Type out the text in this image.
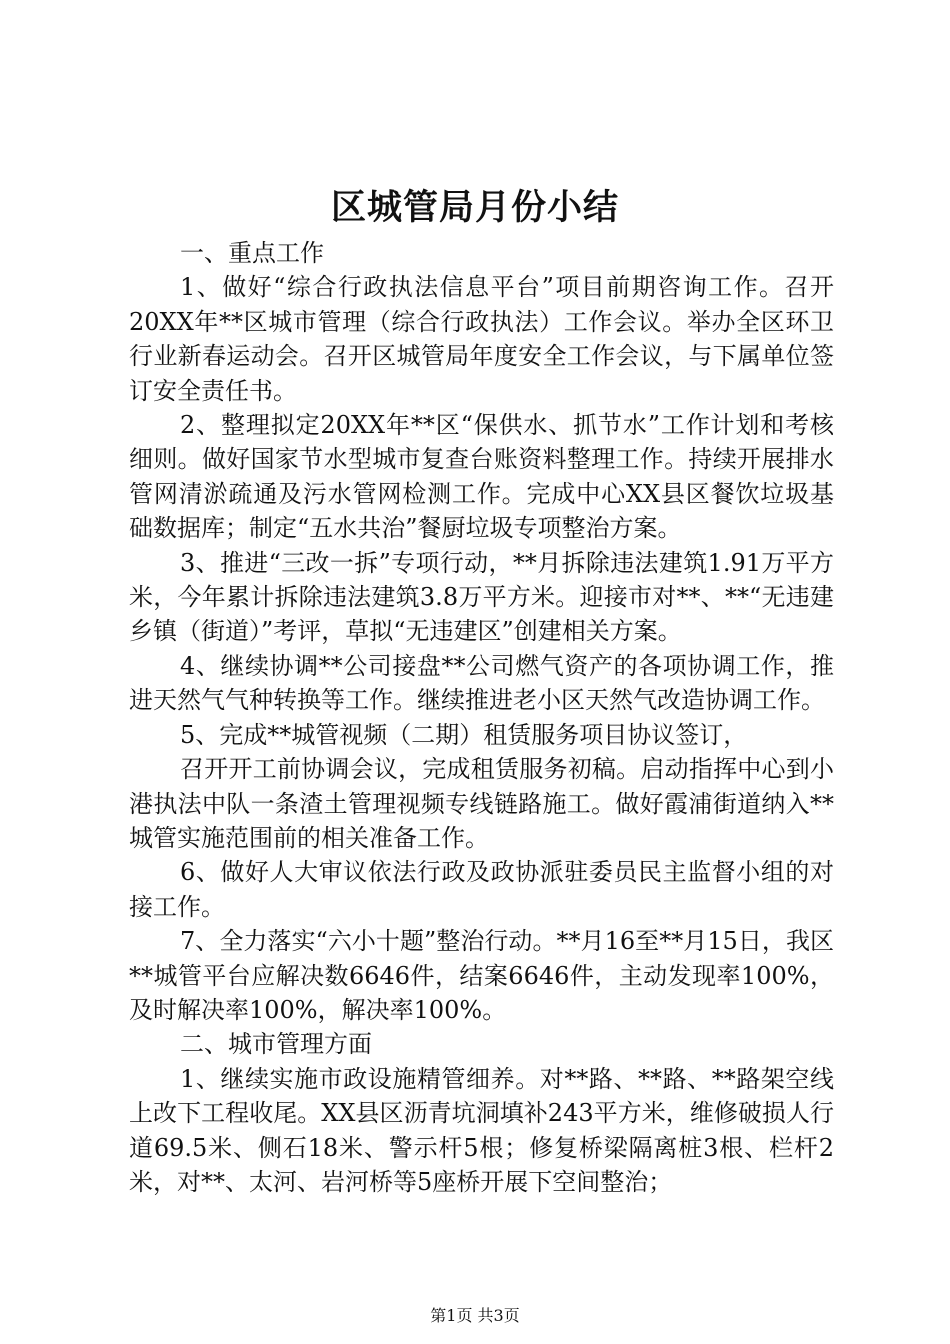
区城管局月份小结

一、重点工作

1、做好“综合行政执法信息平台”项目前期咨询工作。召开20XX年**区城市管理（综合行政执法）工作会议。举办全区环卫行业新春运动会。召开区城管局年度安全工作会议，与下属单位签订安全责任书。

2、整理拟定20XX年**区“保供水、抓节水”工作计划和考核细则。做好国家节水型城市复查台账资料整理工作。持续开展排水管网清淤疏通及污水管网检测工作。完成中心XX县区餐饮垃圾基础数据库；制定“五水共治”餐厨垃圾专项整治方案。

3、推进“三改一拆”专项行动，**月拆除违法建筑1.91万平方米，今年累计拆除违法建筑3.8万平方米。迎接市对**、**“无违建乡镇（街道）”考评，草拟“无违建区”创建相关方案。

4、继续协调**公司接盘**公司燃气资产的各项协调工作，推进天然气气种转换等工作。继续推进老小区天然气改造协调工作。

5、完成**城管视频（二期）租赁服务项目协议签订，

召开开工前协调会议，完成租赁服务初稿。启动指挥中心到小港执法中队一条渣土管理视频专线链路施工。做好霞浦街道纳入**城管实施范围前的相关准备工作。

6、做好人大审议依法行政及政协派驻委员民主监督小组的对接工作。

7、全力落实“六小十题”整治行动。**月16至**月15日，我区**城管平台应解决数6646件，结案6646件，主动发现率100%，及时解决率100%，解决率100%。

二、城市管理方面

1、继续实施市政设施精管细养。对**路、**路、**路架空线上改下工程收尾。XX县区沥青坑洞填补243平方米，维修破损人行道69.5米、侧石18米、警示杆5根；修复桥梁隔离桩3根、栏杆2米，对**、太河、岩河桥等5座桥开展下空间整治；

第1页 共3页
